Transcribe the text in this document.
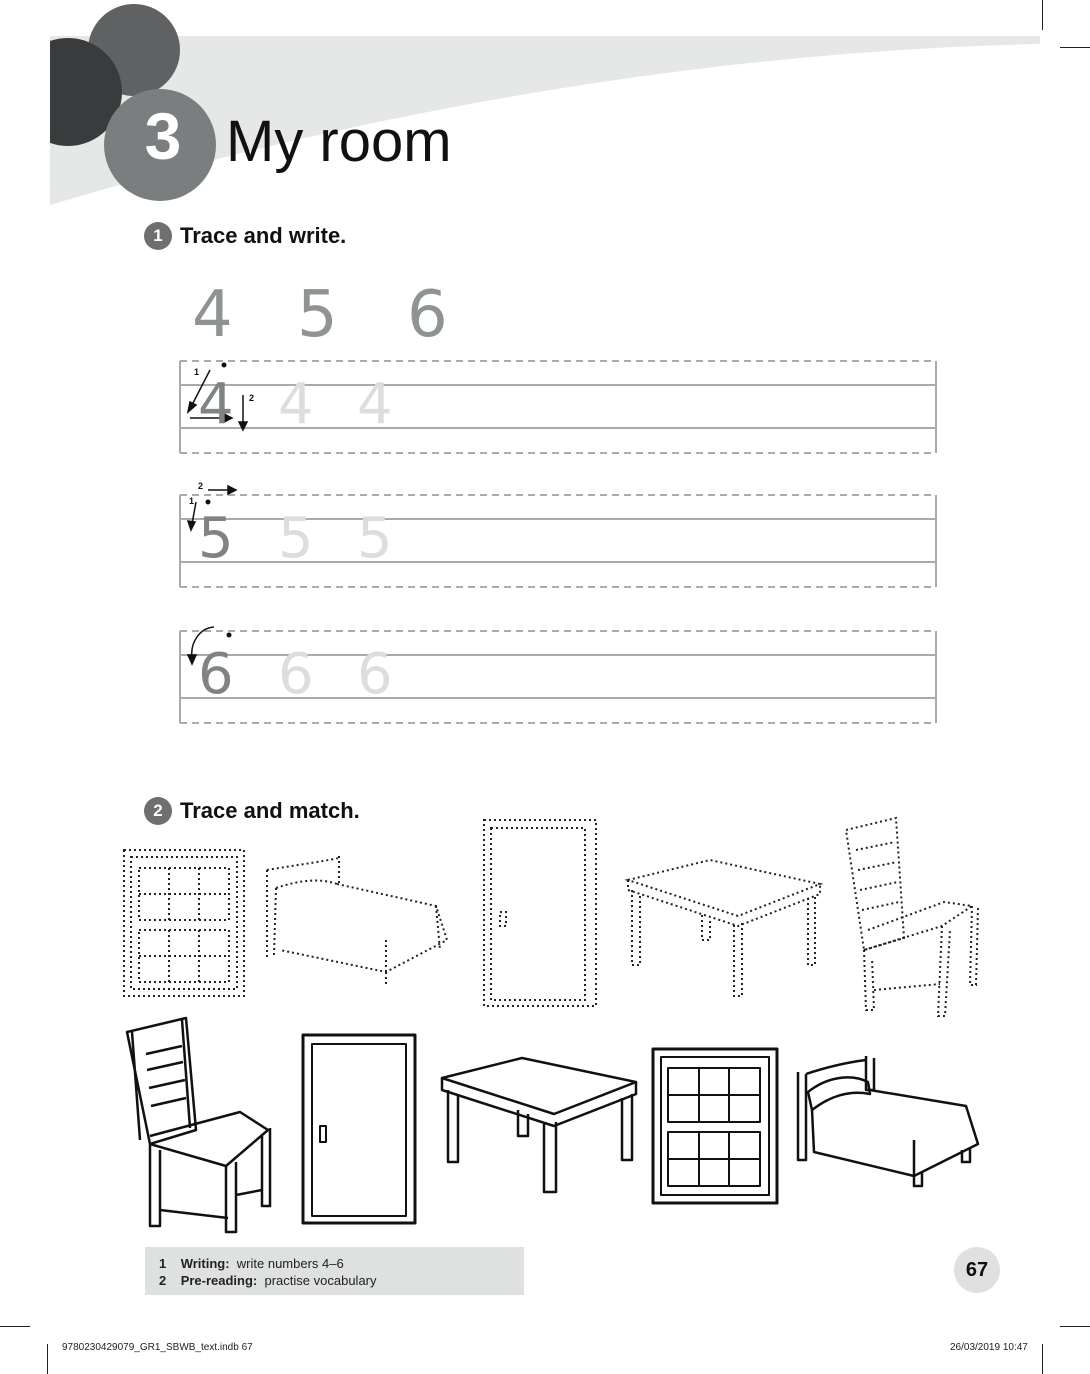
3 My room
1 Trace and write.
4 5 6
4 4 4
1
2
5 5 5
1
2
6 6 6
2 Trace and match.
1 Writing: write numbers 4–6
2 Pre-reading: practise vocabulary	67
9780230429079_GR1_SBWB_text.indb 67	26/03/2019 10:47
